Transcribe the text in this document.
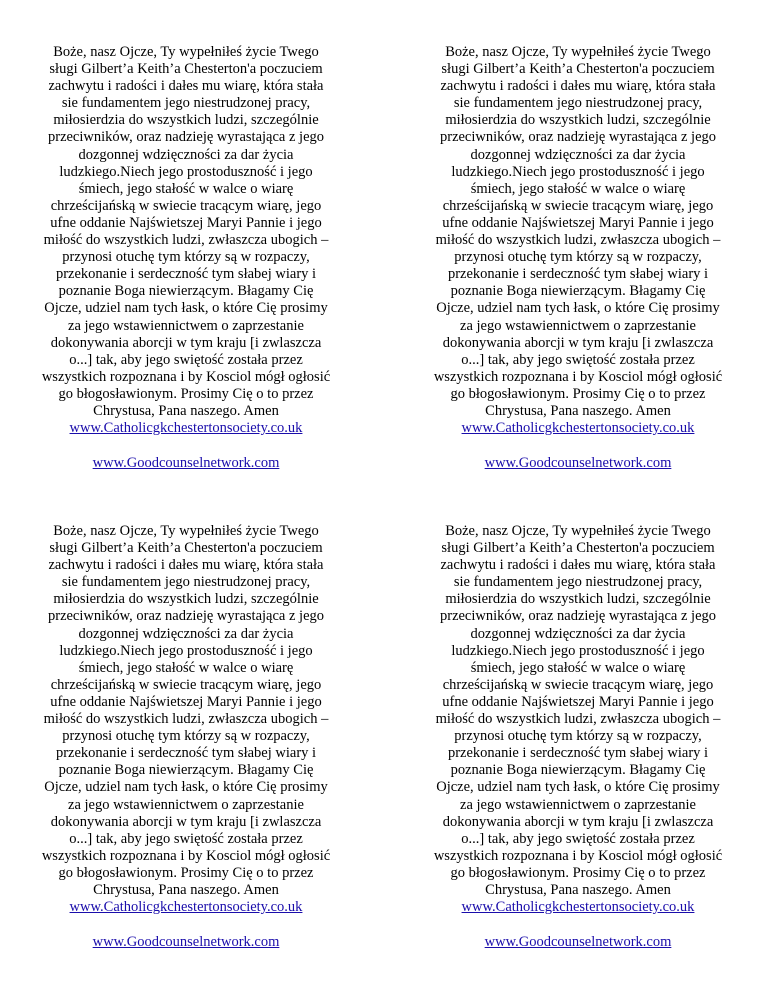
Boże, nasz Ojcze, Ty wypełniłeś życie Twego
sługi Gilbert’a Keith’a Chesterton'a poczuciem
zachwytu i radości i dałes mu wiarę, która stała
sie fundamentem jego niestrudzonej pracy,
miłosierdzia do wszystkich ludzi, szczególnie
przeciwników, oraz nadzieję wyrastająca z jego
dozgonnej wdzięczności za dar życia
ludzkiego.Niech jego prostoduszność i jego
śmiech, jego stałość w walce o wiarę
chrześcijańską w swiecie tracącym wiarę, jego
ufne oddanie Najświetszej Maryi Pannie i jego
miłość do wszystkich ludzi, zwłaszcza ubogich –
przynosi otuchę tym którzy są w rozpaczy,
przekonanie i serdeczność tym słabej wiary i
poznanie Boga niewierzącym. Błagamy Cię
Ojcze, udziel nam tych łask, o które Cię prosimy
za jego wstawiennictwem o zaprzestanie
dokonywania aborcji w tym kraju [i zwlaszcza
o...] tak, aby jego swiętość została przez
wszystkich rozpoznana i by Kosciol mógł ogłosić
go błogosławionym. Prosimy Cię o to przez
Chrystusa, Pana naszego. Amen

www.Catholicgkchestertonsociety.co.uk
www.Goodcounselnetwork.com

Boże, nasz Ojcze, Ty wypełniłeś życie Twego
sługi Gilbert’a Keith’a Chesterton'a poczuciem
zachwytu i radości i dałes mu wiarę, która stała
sie fundamentem jego niestrudzonej pracy,
miłosierdzia do wszystkich ludzi, szczególnie
przeciwników, oraz nadzieję wyrastająca z jego
dozgonnej wdzięczności za dar życia
ludzkiego.Niech jego prostoduszność i jego
śmiech, jego stałość w walce o wiarę
chrześcijańską w swiecie tracącym wiarę, jego
ufne oddanie Najświetszej Maryi Pannie i jego
miłość do wszystkich ludzi, zwłaszcza ubogich –
przynosi otuchę tym którzy są w rozpaczy,
przekonanie i serdeczność tym słabej wiary i
poznanie Boga niewierzącym. Błagamy Cię
Ojcze, udziel nam tych łask, o które Cię prosimy
za jego wstawiennictwem o zaprzestanie
dokonywania aborcji w tym kraju [i zwlaszcza
o...] tak, aby jego swiętość została przez
wszystkich rozpoznana i by Kosciol mógł ogłosić
go błogosławionym. Prosimy Cię o to przez
Chrystusa, Pana naszego. Amen

www.Catholicgkchestertonsociety.co.uk
www.Goodcounselnetwork.com

Boże, nasz Ojcze, Ty wypełniłeś życie Twego
sługi Gilbert’a Keith’a Chesterton'a poczuciem
zachwytu i radości i dałes mu wiarę, która stała
sie fundamentem jego niestrudzonej pracy,
miłosierdzia do wszystkich ludzi, szczególnie
przeciwników, oraz nadzieję wyrastająca z jego
dozgonnej wdzięczności za dar życia
ludzkiego.Niech jego prostoduszność i jego
śmiech, jego stałość w walce o wiarę
chrześcijańską w swiecie tracącym wiarę, jego
ufne oddanie Najświetszej Maryi Pannie i jego
miłość do wszystkich ludzi, zwłaszcza ubogich –
przynosi otuchę tym którzy są w rozpaczy,
przekonanie i serdeczność tym słabej wiary i
poznanie Boga niewierzącym. Błagamy Cię
Ojcze, udziel nam tych łask, o które Cię prosimy
za jego wstawiennictwem o zaprzestanie
dokonywania aborcji w tym kraju [i zwlaszcza
o...] tak, aby jego swiętość została przez
wszystkich rozpoznana i by Kosciol mógł ogłosić
go błogosławionym. Prosimy Cię o to przez
Chrystusa, Pana naszego. Amen

www.Catholicgkchestertonsociety.co.uk
www.Goodcounselnetwork.com

Boże, nasz Ojcze, Ty wypełniłeś życie Twego
sługi Gilbert’a Keith’a Chesterton'a poczuciem
zachwytu i radości i dałes mu wiarę, która stała
sie fundamentem jego niestrudzonej pracy,
miłosierdzia do wszystkich ludzi, szczególnie
przeciwników, oraz nadzieję wyrastająca z jego
dozgonnej wdzięczności za dar życia
ludzkiego.Niech jego prostoduszność i jego
śmiech, jego stałość w walce o wiarę
chrześcijańską w swiecie tracącym wiarę, jego
ufne oddanie Najświetszej Maryi Pannie i jego
miłość do wszystkich ludzi, zwłaszcza ubogich –
przynosi otuchę tym którzy są w rozpaczy,
przekonanie i serdeczność tym słabej wiary i
poznanie Boga niewierzącym. Błagamy Cię
Ojcze, udziel nam tych łask, o które Cię prosimy
za jego wstawiennictwem o zaprzestanie
dokonywania aborcji w tym kraju [i zwlaszcza
o...] tak, aby jego swiętość została przez
wszystkich rozpoznana i by Kosciol mógł ogłosić
go błogosławionym. Prosimy Cię o to przez
Chrystusa, Pana naszego. Amen

www.Catholicgkchestertonsociety.co.uk
www.Goodcounselnetwork.com
